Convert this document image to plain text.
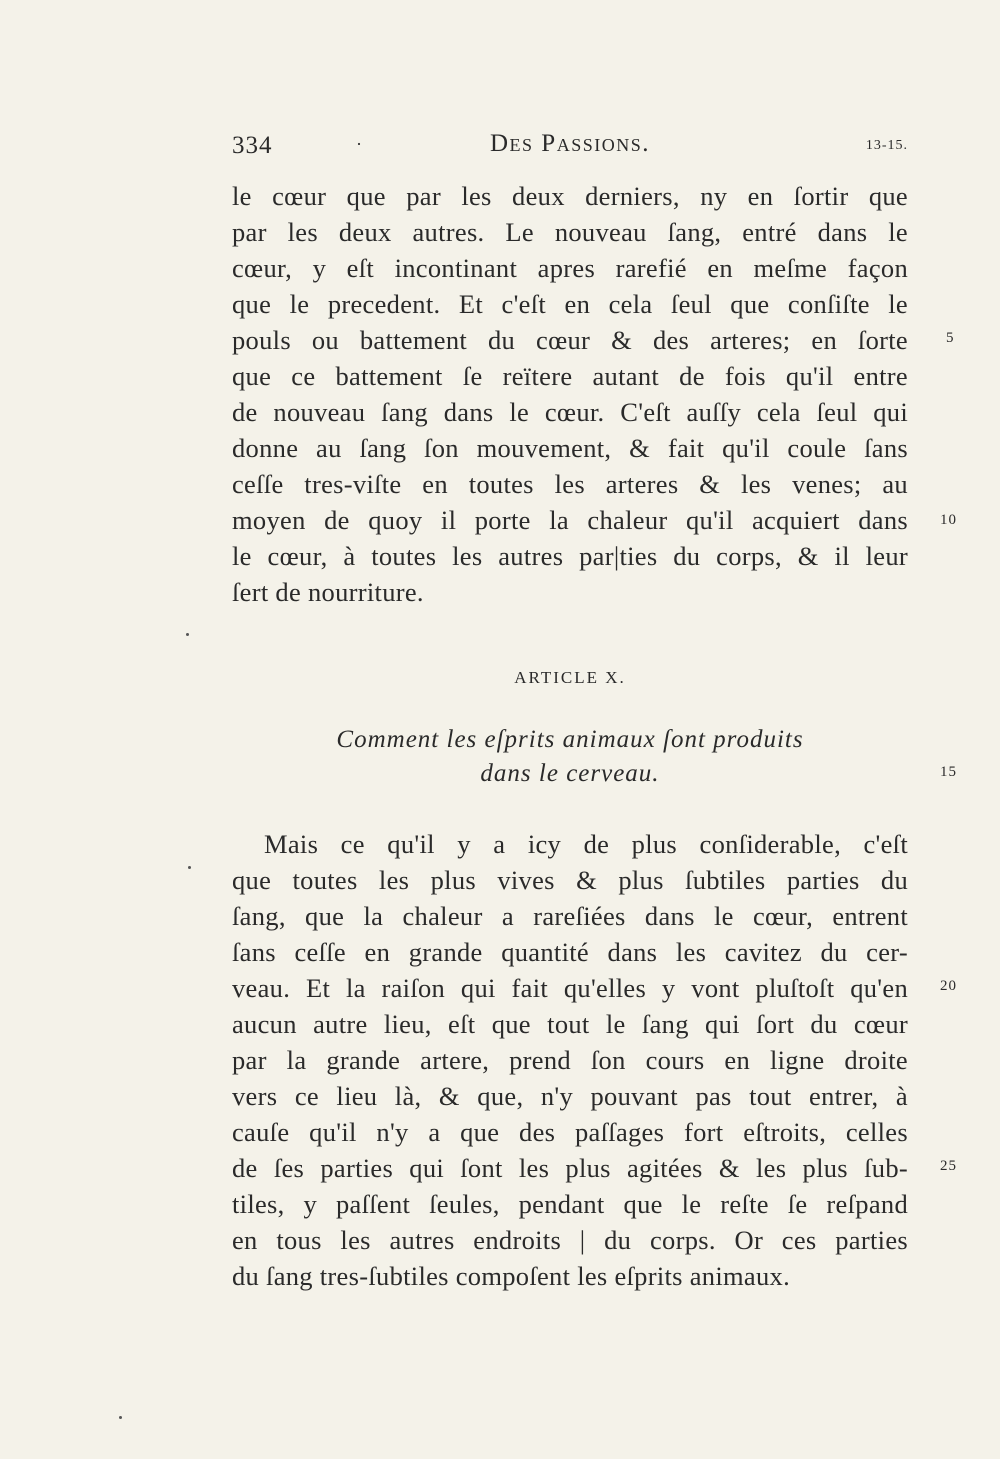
334	·	Des Passions.	13-15.
le cœur que par les deux derniers, ny en ſortir que
par les deux autres. Le nouveau ſang, entré dans le
cœur, y eſt incontinant apres rarefié en meſme façon
que le precedent. Et c'eſt en cela ſeul que conſiſte le
pouls ou battement du cœur & des arteres; en ſorte
que ce battement ſe reïtere autant de fois qu'il entre
de nouveau ſang dans le cœur. C'eſt auſſy cela ſeul qui
donne au ſang ſon mouvement, & fait qu'il coule ſans
ceſſe tres-viſte en toutes les arteres & les venes; au
moyen de quoy il porte la chaleur qu'il acquiert dans
le cœur, à toutes les autres par|ties du corps, & il leur
ſert de nourriture.
ARTICLE X.
Comment les eſprits animaux ſont produits
dans le cerveau.
Mais ce qu'il y a icy de plus conſiderable, c'eſt
que toutes les plus vives & plus ſubtiles parties du
ſang, que la chaleur a rareſiées dans le cœur, entrent
ſans ceſſe en grande quantité dans les cavitez du cer-
veau. Et la raiſon qui fait qu'elles y vont pluſtoſt qu'en
aucun autre lieu, eſt que tout le ſang qui ſort du cœur
par la grande artere, prend ſon cours en ligne droite
vers ce lieu là, & que, n'y pouvant pas tout entrer, à
cauſe qu'il n'y a que des paſſages fort eſtroits, celles
de ſes parties qui ſont les plus agitées & les plus ſub-
tiles, y paſſent ſeules, pendant que le reſte ſe reſpand
en tous les autres endroits | du corps. Or ces parties
du ſang tres-ſubtiles compoſent les eſprits animaux.
5
10
15
20
25
